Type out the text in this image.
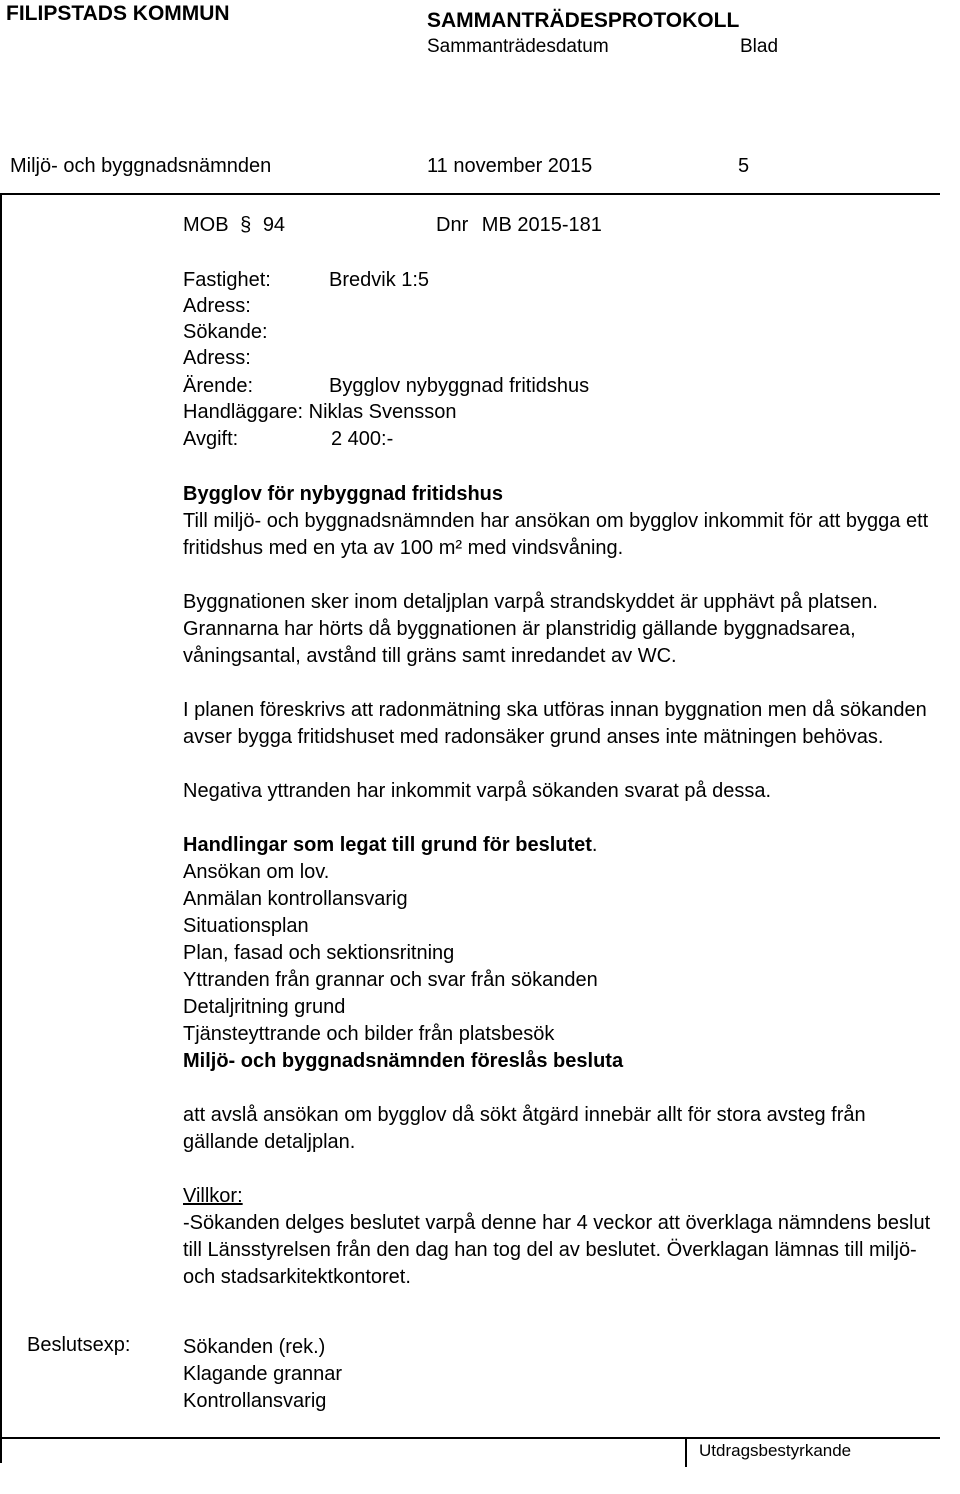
FILIPSTADS KOMMUN	SAMMANTRÄDESPROTOKOLL
Sammanträdesdatum	Blad
Miljö- och byggnadsnämnden	11 november 2015	5
MOB § 94	Dnr MB 2015-181
Fastighet:	Bredvik 1:5
Adress:
Sökande:
Adress:
Ärende:	Bygglov nybyggnad fritidshus
Handläggare: Niklas Svensson
Avgift:	2 400:-

Bygglov för nybyggnad fritidshus

Till miljö- och byggnadsnämnden har ansökan om bygglov inkommit för att bygga ett fritidshus med en yta av 100 m² med vindsvåning.

Byggnationen sker inom detaljplan varpå strandskyddet är upphävt på platsen. Grannarna har hörts då byggnationen är planstridig gällande byggnadsarea, våningsantal, avstånd till gräns samt inredandet av WC.

I planen föreskrivs att radonmätning ska utföras innan byggnation men då sökanden avser bygga fritidshuset med radonsäker grund anses inte mätningen behövas.

Negativa yttranden har inkommit varpå sökanden svarat på dessa.

Handlingar som legat till grund för beslutet.

Ansökan om lov.
Anmälan kontrollansvarig
Situationsplan
Plan, fasad och sektionsritning
Yttranden från grannar och svar från sökanden
Detaljritning grund
Tjänsteyttrande och bilder från platsbesök

Miljö- och byggnadsnämnden föreslås besluta

att avslå ansökan om bygglov då sökt åtgärd innebär allt för stora avsteg från gällande detaljplan.

Villkor:

-Sökanden delges beslutet varpå denne har 4 veckor att överklaga nämndens beslut till Länsstyrelsen från den dag han tog del av beslutet. Överklagan lämnas till miljö- och stadsarkitektkontoret.

Beslutsexp:	Sökanden (rek.)
Klagande grannar
Kontrollansvarig
Utdragsbestyrkande
